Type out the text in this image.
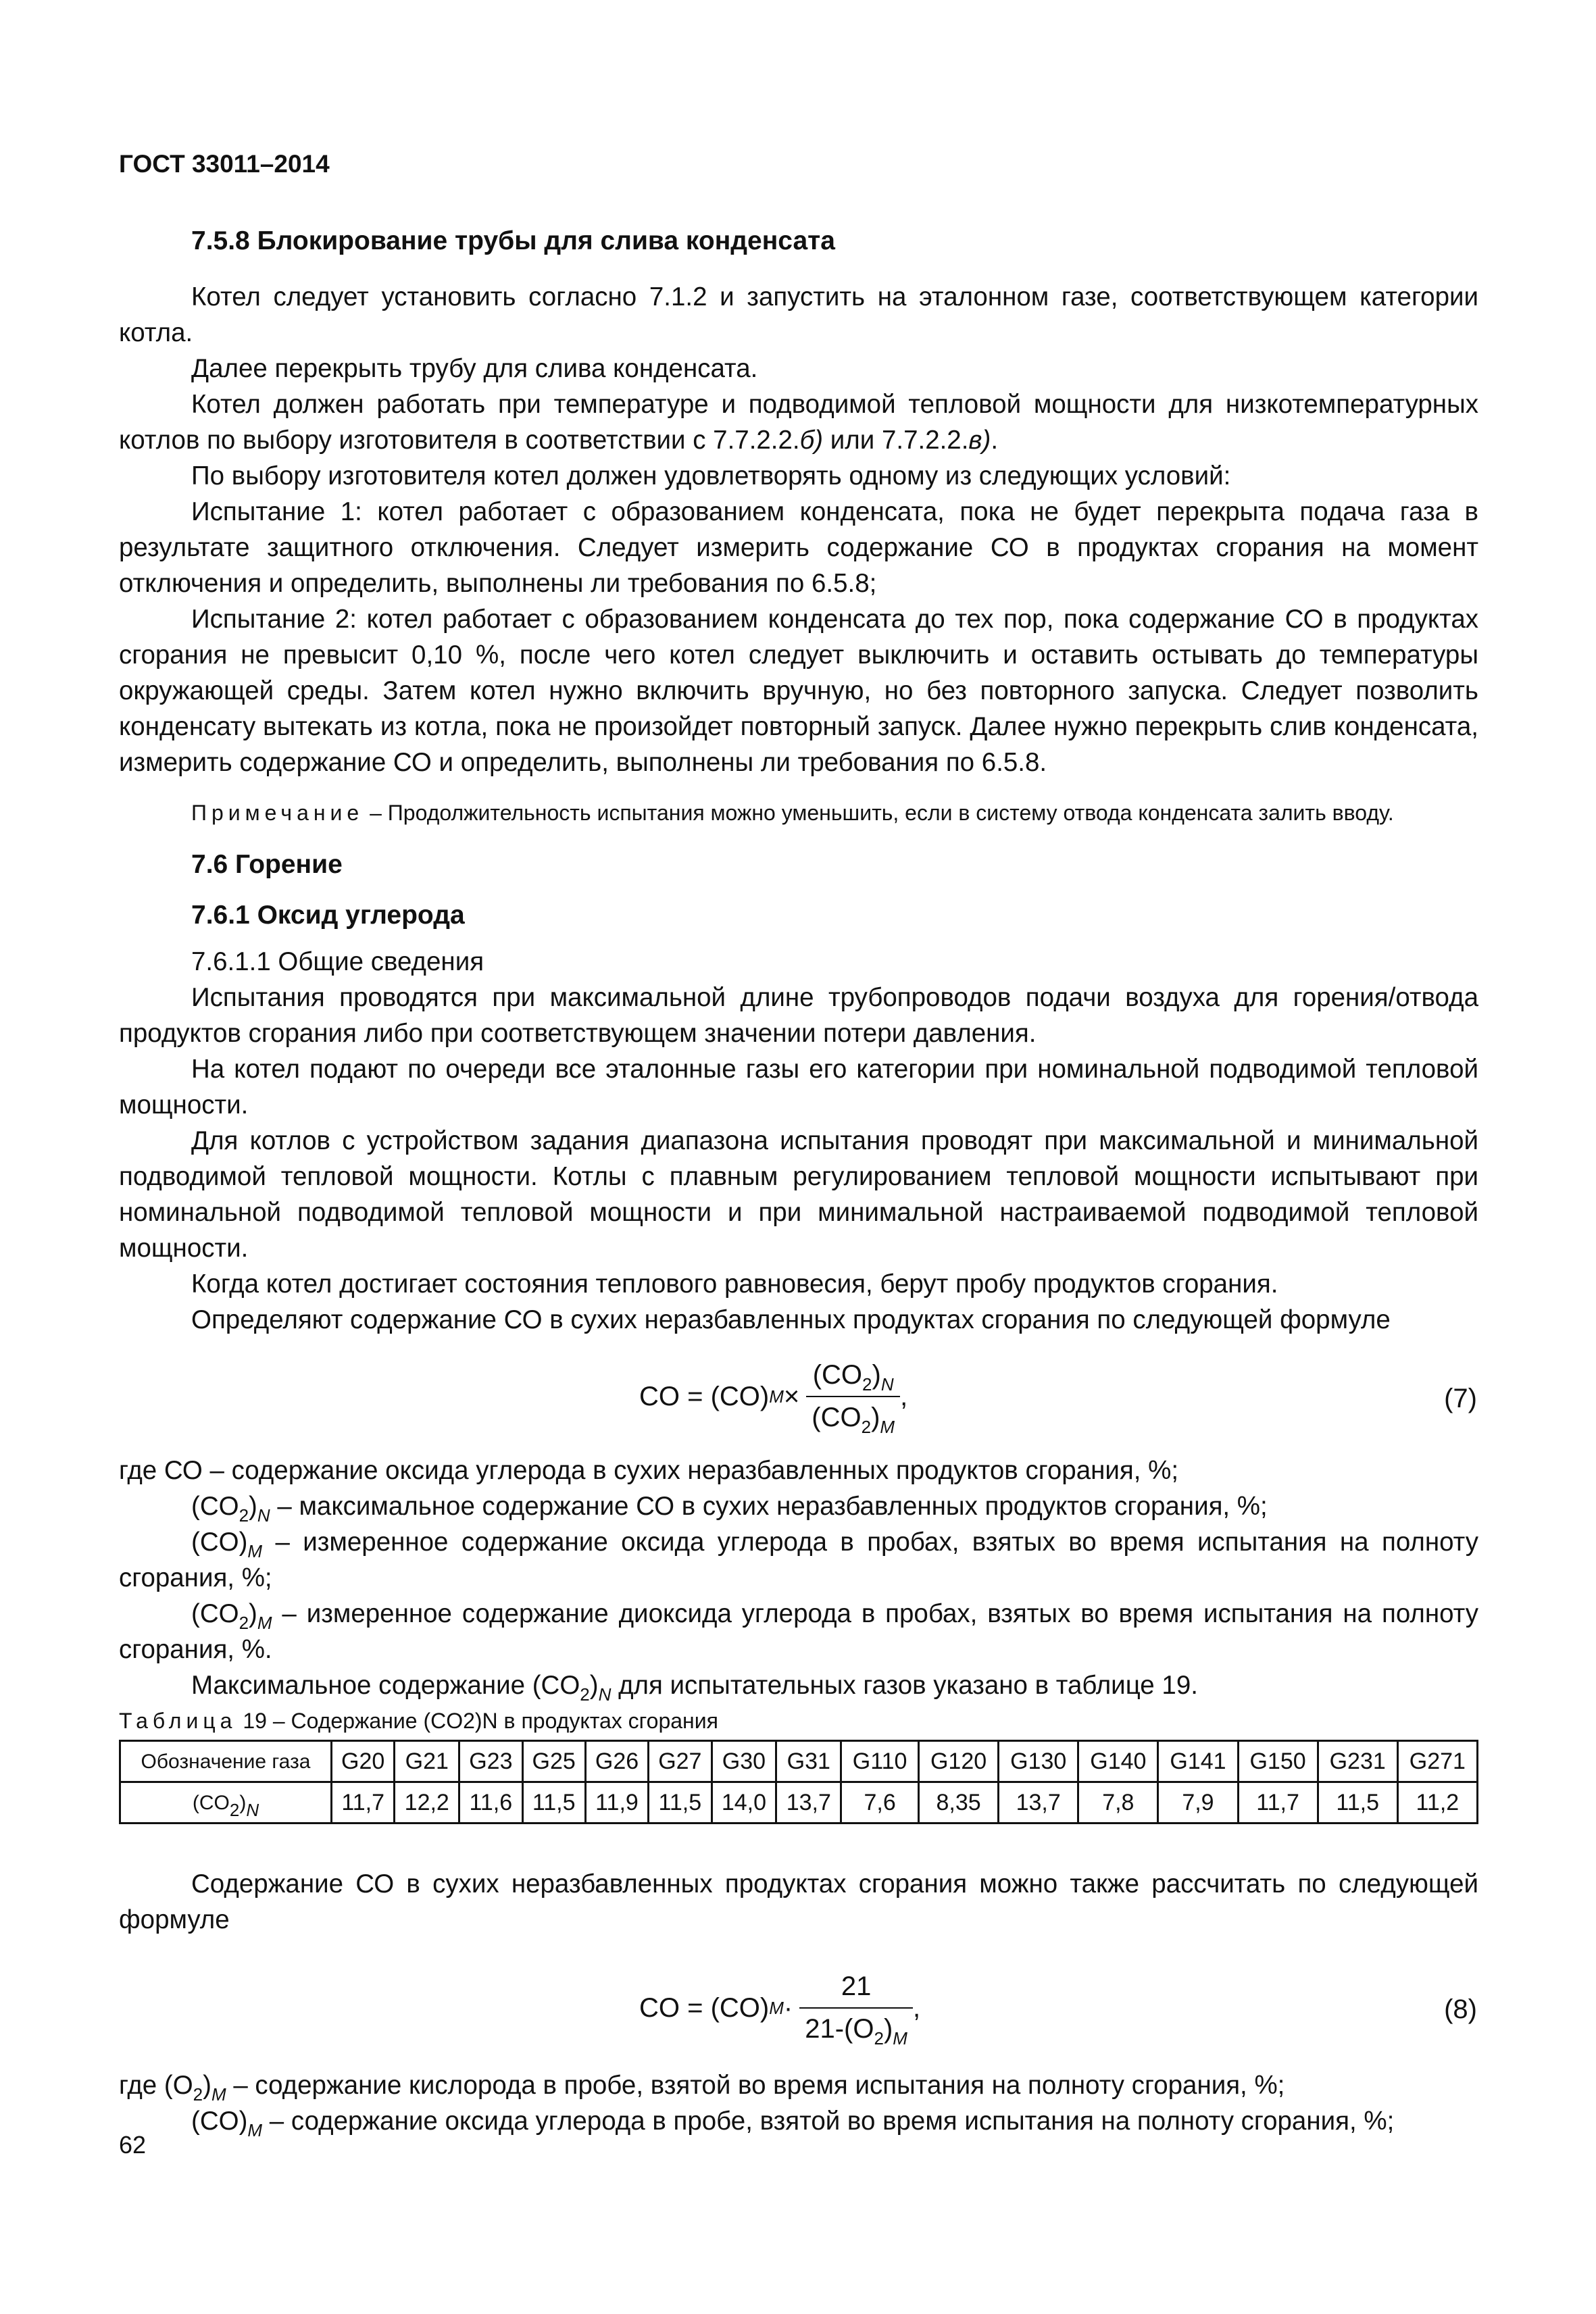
ГОСТ 33011–2014
7.5.8 Блокирование трубы для слива конденсата

Котел следует установить согласно 7.1.2 и запустить на эталонном газе, соответствующем категории котла.

Далее перекрыть трубу для слива конденсата.

Котел должен работать при температуре и подводимой тепловой мощности для низкотемпературных котлов по выбору изготовителя в соответствии с 7.7.2.2.б) или 7.7.2.2.в).

По выбору изготовителя котел должен удовлетворять одному из следующих условий:

Испытание 1: котел работает с образованием конденсата, пока не будет перекрыта подача газа в результате защитного отключения. Следует измерить содержание СО в продуктах сгорания на момент отключения и определить, выполнены ли требования по 6.5.8;

Испытание 2: котел работает с образованием конденсата до тех пор, пока содержание СО в продуктах сгорания не превысит 0,10 %, после чего котел следует выключить и оставить остывать до температуры окружающей среды. Затем котел нужно включить вручную, но без повторного запуска. Следует позволить конденсату вытекать из котла, пока не произойдет повторный запуск. Далее нужно перекрыть слив конденсата, измерить содержание СО и определить, выполнены ли требования по 6.5.8.

Примечание – Продолжительность испытания можно уменьшить, если в систему отвода конденсата залить вводу.

7.6 Горение
7.6.1 Оксид углерода

7.6.1.1 Общие сведения

Испытания проводятся при максимальной длине трубопроводов подачи воздуха для горения/отвода продуктов сгорания либо при соответствующем значении потери давления.

На котел подают по очереди все эталонные газы его категории при номинальной подводимой тепловой мощности.

Для котлов с устройством задания диапазона испытания проводят при максимальной и минимальной подводимой тепловой мощности. Котлы с плавным регулированием тепловой мощности испытывают при номинальной подводимой тепловой мощности и при минимальной настраиваемой подводимой тепловой мощности.

Когда котел достигает состояния теплового равновесия, берут пробу продуктов сгорания.

Определяют содержание СО в сухих неразбавленных продуктах сгорания по следующей формуле

CO = (CO) $M \times \frac{(CO_2)_N}{(CO_2)_M}$ ,	(7)

где СО – содержание оксида углерода в сухих неразбавленных продуктов сгорания, %;

$(CO_2)_N$ – максимальное содержание СО в сухих неразбавленных продуктов сгорания, %;

$(CO)_M$ – измеренное содержание оксида углерода в пробах, взятых во время испытания на полноту сгорания, %;

$(CO_2)_M$ – измеренное содержание диоксида углерода в пробах, взятых во время испытания на полноту сгорания, %.

Максимальное содержание $(CO_2)_N$ для испытательных газов указано в таблице 19.

Таблица 19 – Содержание (CO2)N в продуктах сгорания
Обозначение газа	G20	G21	G23	G25	G26	G27	G30	G31	G110	G120	G130	G140	G141	G150	G231	G271
$(CO_2)_N$	11,7	12,2	11,6	11,5	11,9	11,5	14,0	13,7	7,6	8,35	13,7	7,8	7,9	11,7	11,5	11,2

Содержание СО в сухих неразбавленных продуктах сгорания можно также рассчитать по следующей формуле

CO = (CO) $M \cdot \frac{21}{21-(O_2)_M}$ ,	(8)

где $(O_2)_M$ – содержание кислорода в пробе, взятой во время испытания на полноту сгорания, %;

$(CO)_M$ – содержание оксида углерода в пробе, взятой во время испытания на полноту сгорания, %;

62
